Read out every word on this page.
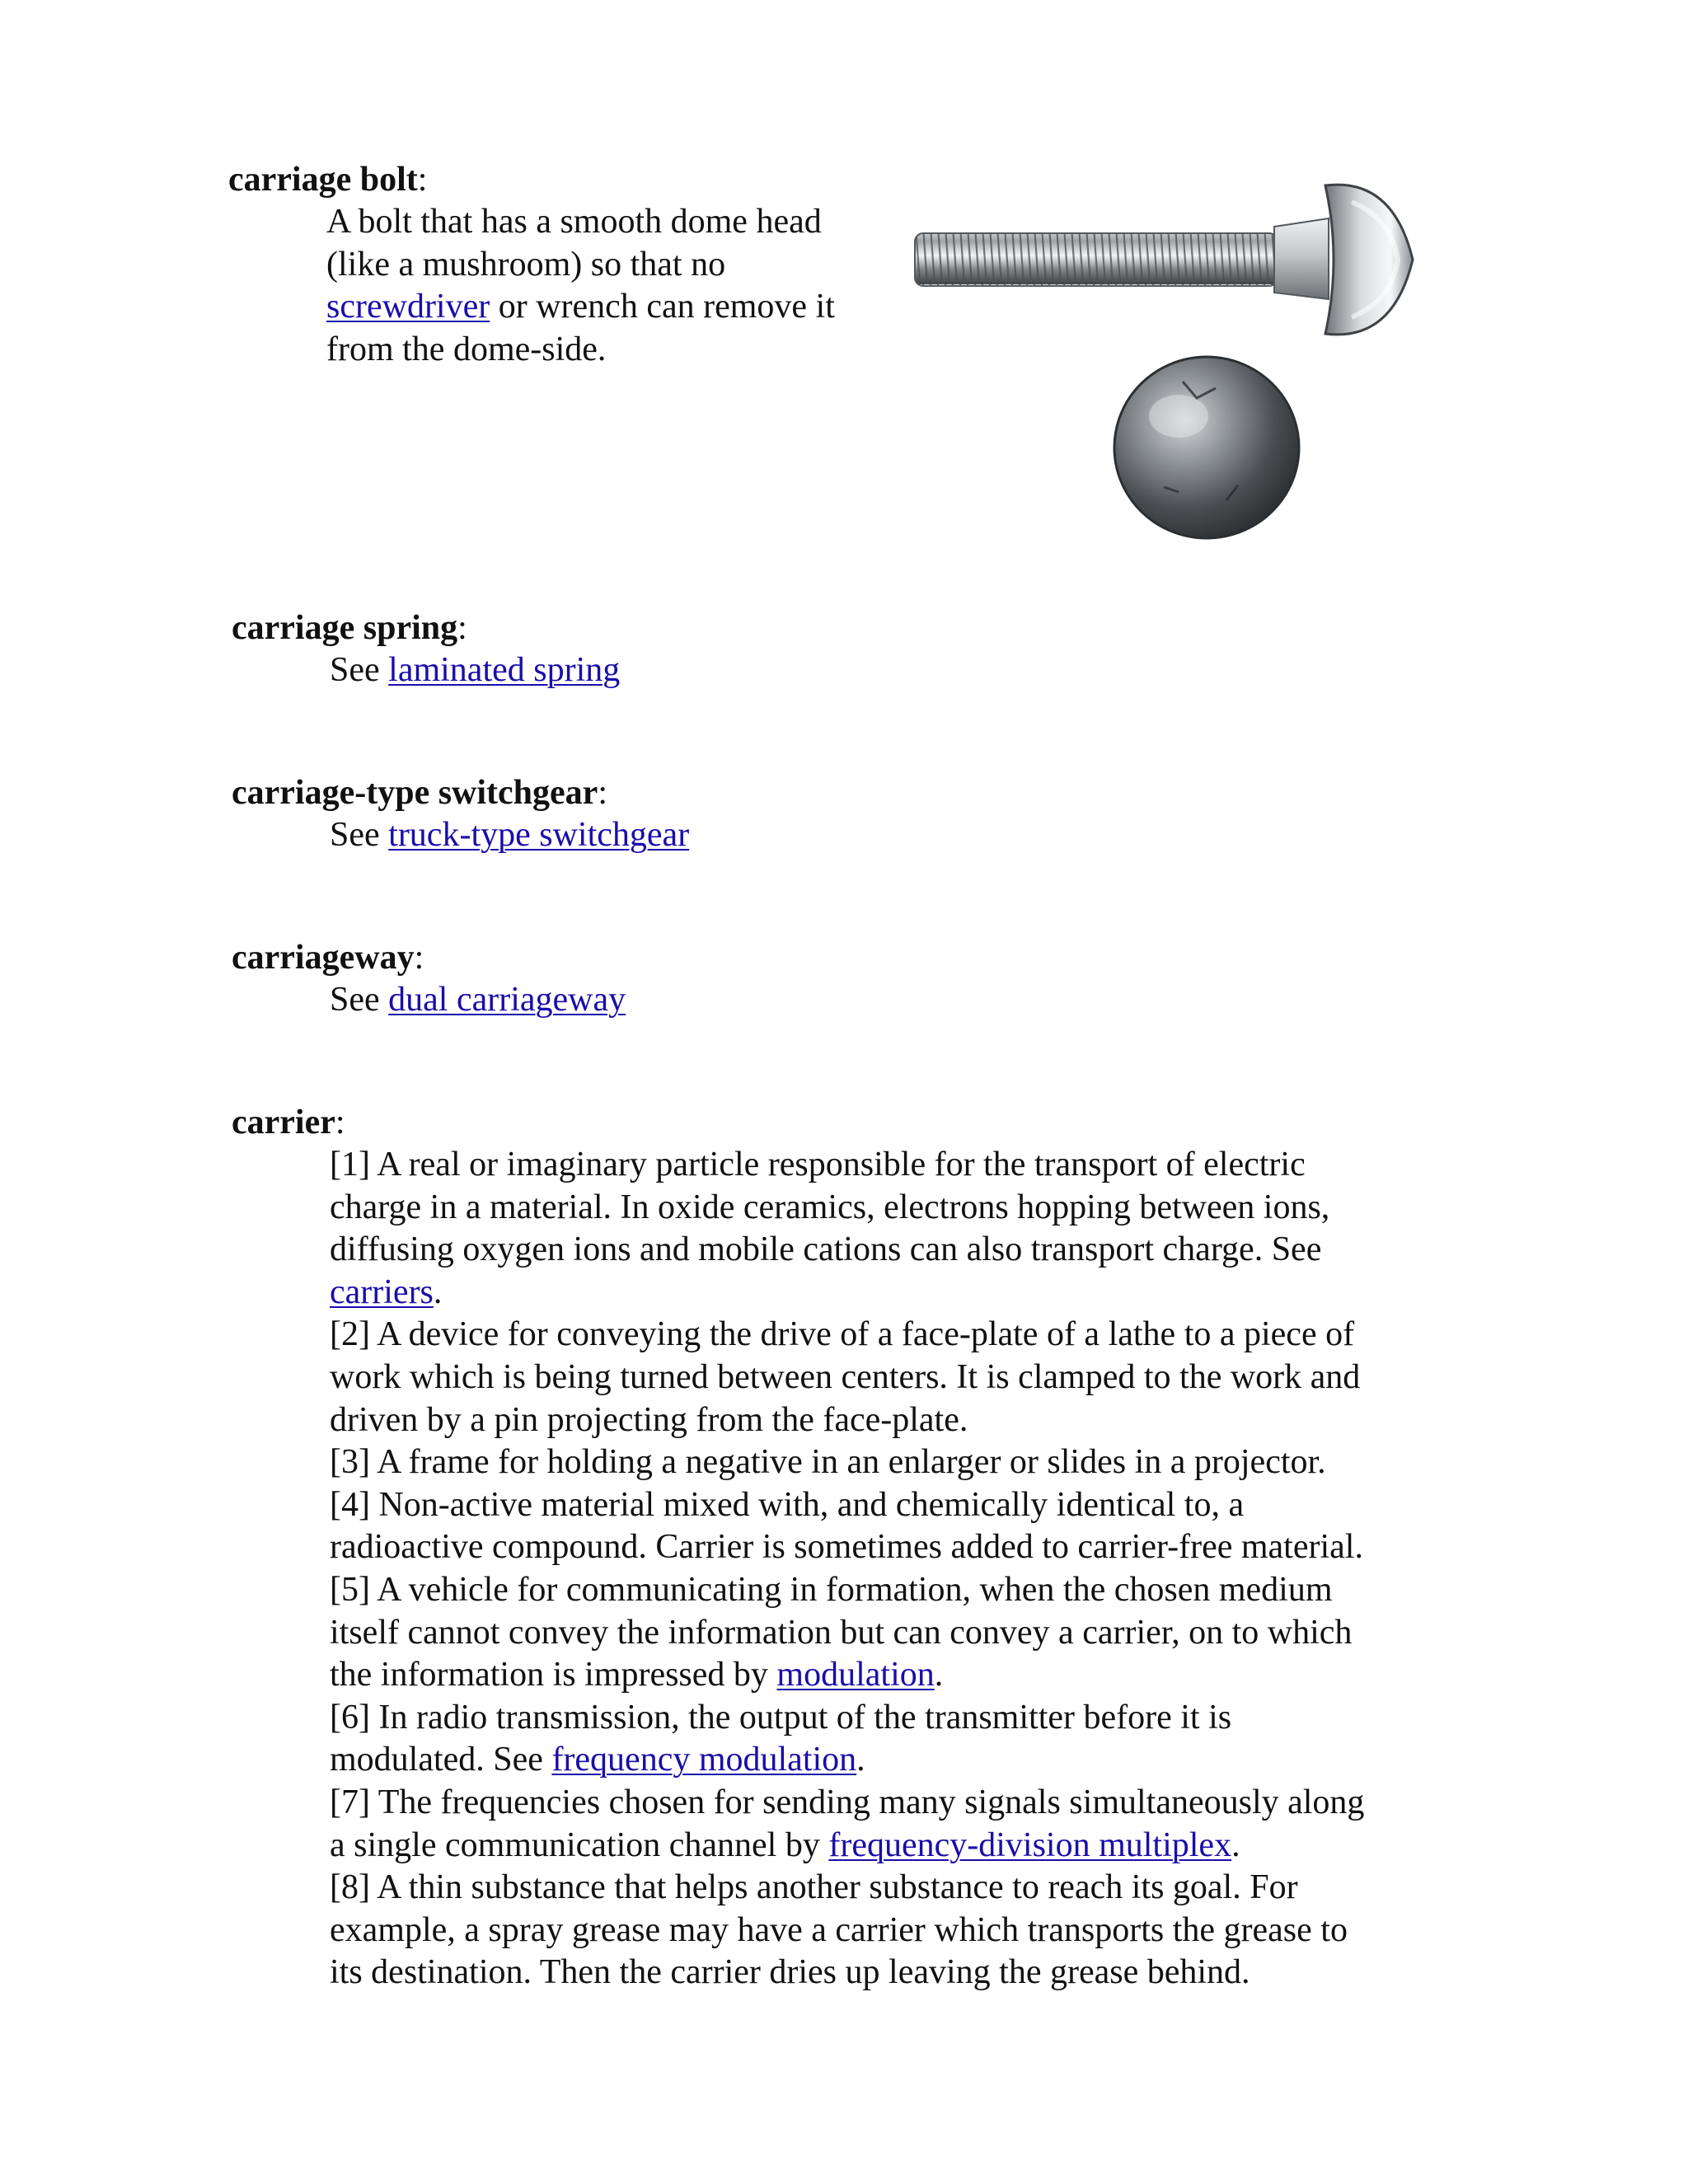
carriage bolt:
A bolt that has a smooth dome head
(like a mushroom) so that no
screwdriver or wrench can remove it
from the dome-side.
carriage spring:
See laminated spring
carriage-type switchgear:
See truck-type switchgear
carriageway:
See dual carriageway
carrier:
[1] A real or imaginary particle responsible for the transport of electric
charge in a material. In oxide ceramics, electrons hopping between ions,
diffusing oxygen ions and mobile cations can also transport charge. See
carriers.
[2] A device for conveying the drive of a face-plate of a lathe to a piece of
work which is being turned between centers. It is clamped to the work and
driven by a pin projecting from the face-plate.
[3] A frame for holding a negative in an enlarger or slides in a projector.
[4] Non-active material mixed with, and chemically identical to, a
radioactive compound. Carrier is sometimes added to carrier-free material.
[5] A vehicle for communicating in formation, when the chosen medium
itself cannot convey the information but can convey a carrier, on to which
the information is impressed by modulation.
[6] In radio transmission, the output of the transmitter before it is
modulated. See frequency modulation.
[7] The frequencies chosen for sending many signals simultaneously along
a single communication channel by frequency-division multiplex.
[8] A thin substance that helps another substance to reach its goal. For
example, a spray grease may have a carrier which transports the grease to
its destination. Then the carrier dries up leaving the grease behind.
